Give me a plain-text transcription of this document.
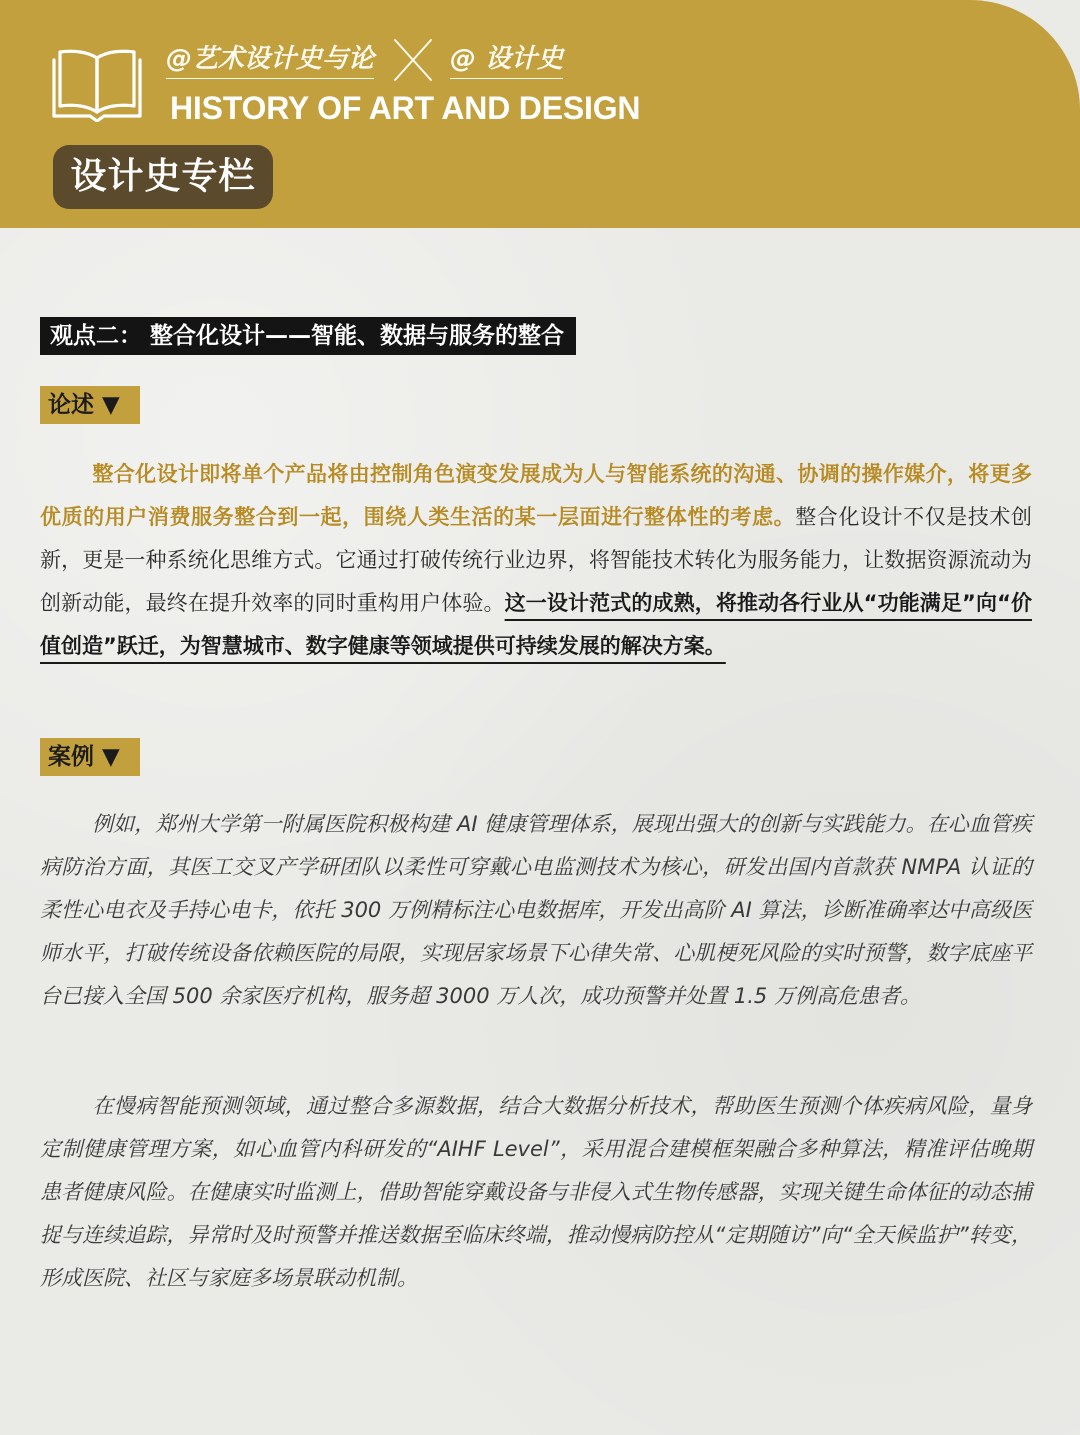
@艺术设计史与论	@ 设计史
HISTORY OF ART AND DESIGN
设计史专栏
观点二： 整合化设计——智能、数据与服务的整合
论述 ▼

整合化设计即将单个产品将由控制角色演变发展成为人与智能系统的沟通、协调的操作媒介，将更多优质的用户消费服务整合到一起，围绕人类生活的某一层面进行整体性的考虑。整合化设计不仅是技术创新，更是一种系统化思维方式。它通过打破传统行业边界，将智能技术转化为服务能力，让数据资源流动为创新动能，最终在提升效率的同时重构用户体验。这一设计范式的成熟，将推动各行业从“功能满足”向“价值创造”跃迁，为智慧城市、数字健康等领域提供可持续发展的解决方案。

案例 ▼

例如，郑州大学第一附属医院积极构建 AI 健康管理体系，展现出强大的创新与实践能力。在心血管疾病防治方面，其医工交叉产学研团队以柔性可穿戴心电监测技术为核心，研发出国内首款获 NMPA 认证的柔性心电衣及手持心电卡，依托 300 万例精标注心电数据库，开发出高阶 AI 算法，诊断准确率达中高级医师水平，打破传统设备依赖医院的局限，实现居家场景下心律失常、心肌梗死风险的实时预警，数字底座平台已接入全国 500 余家医疗机构，服务超 3000 万人次，成功预警并处置 1.5 万例高危患者。

在慢病智能预测领域，通过整合多源数据，结合大数据分析技术，帮助医生预测个体疾病风险，量身定制健康管理方案，如心血管内科研发的“AIHF Level”，采用混合建模框架融合多种算法，精准评估晚期患者健康风险。在健康实时监测上，借助智能穿戴设备与非侵入式生物传感器，实现关键生命体征的动态捕捉与连续追踪，异常时及时预警并推送数据至临床终端，推动慢病防控从“定期随访”向“全天候监护”转变，形成医院、社区与家庭多场景联动机制。
